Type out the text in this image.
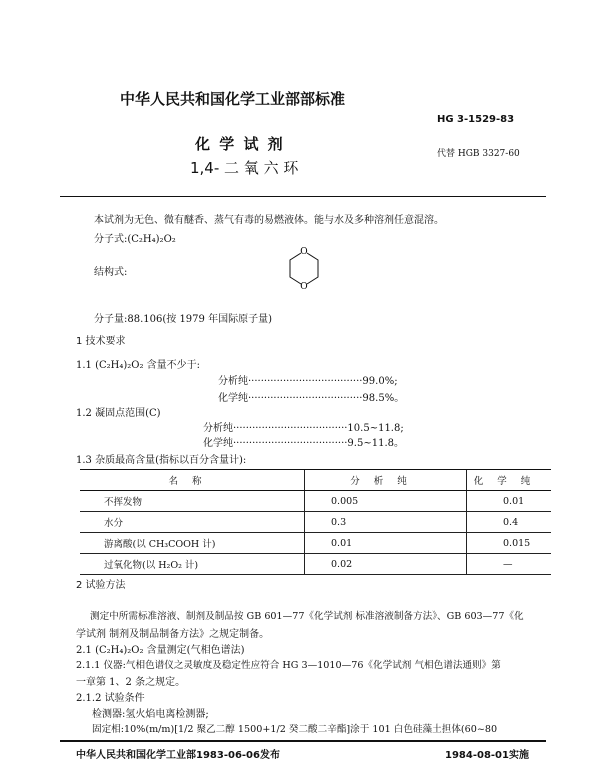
中华人民共和国化学工业部部标准
HG 3-1529-83
化 学 试 剂
代替 HGB 3327-60
1,4- 二 氧 六 环
本试剂为无色、微有醚香、蒸气有毒的易燃液体。能与水及多种溶剂任意混溶。
分子式:(C₂H₄)₂O₂
结构式:
O
O
分子量:88.106(按 1979 年国际原子量)
1 技术要求
1.1 (C₂H₄)₂O₂ 含量不少于:
分析纯····································99.0%;
化学纯····································98.5%。
1.2 凝固点范围(C)
分析纯····································10.5~11.8;
化学纯····································9.5~11.8。
1.3 杂质最高含量(指标以百分含量计):
名称	分析纯	化学纯
不挥发物	0.005	0.01
水分	0.3	0.4
游离酸(以 CH₃COOH 计)	0.01	0.015
过氧化物(以 H₂O₂ 计)	0.02	—
2 试验方法
测定中所需标准溶液、制剂及制品按 GB 601—77《化学试剂 标准溶液制备方法》、GB 603—77《化
学试剂 制剂及制品制备方法》之规定制备。
2.1 (C₂H₄)₂O₂ 含量测定(气相色谱法)
2.1.1 仪器:气相色谱仪之灵敏度及稳定性应符合 HG 3—1010—76《化学试剂 气相色谱法通则》第
一章第 1、2 条之规定。
2.1.2 试验条件
检测器:氢火焰电离检测器;
固定相:10%(m/m)[1/2 聚乙二醇 1500+1/2 癸二酸二辛酯]涂于 101 白色硅藻土担体(60~80
中华人民共和国化学工业部1983-06-06发布	1984-08-01实施
